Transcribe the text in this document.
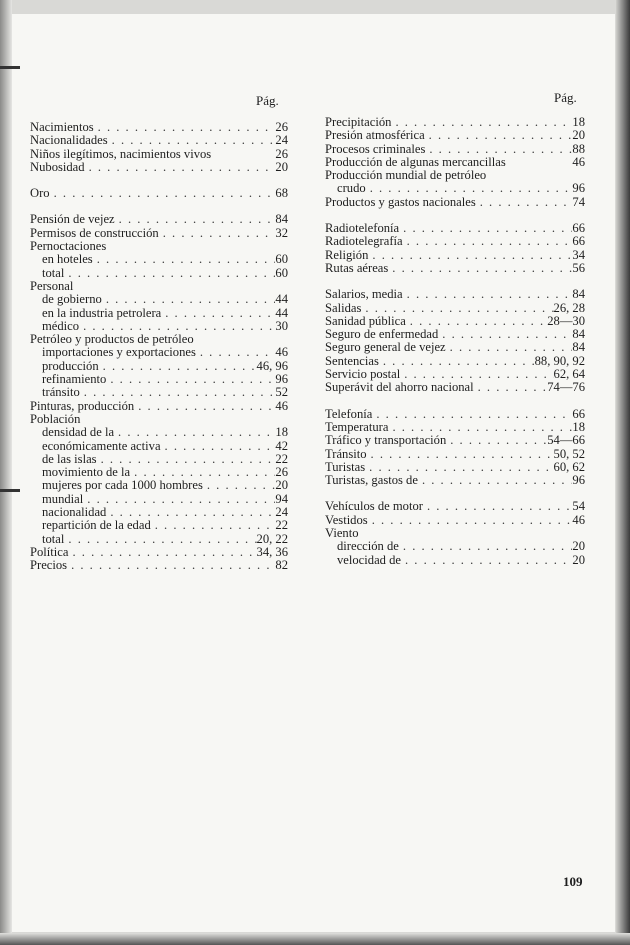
Pág.	Pág.
Nacimientos . . .	26
Nacionalidades . . .	24
Niños ilegítimos, nacimientos vivos	26
Nubosidad . . .	20
Oro . . .	68
Pensión de vejez . . .	84
Permisos de construcción . . .	32
Pernoctaciones
en hoteles . . .	60
total . . .	60
Personal
de gobierno . . .	44
en la industria petrolera . . .	44
médico . . .	30
Petróleo y productos de petróleo
importaciones y exportaciones . . .	46
producción . . .	46, 96
refinamiento . . .	96
tránsito . . .	52
Pinturas, producción . . .	46
Población
densidad de la . . .	18
económicamente activa . . .	42
de las islas . . .	22
movimiento de la . . .	26
mujeres por cada 1000 hombres . . .	20
mundial . . .	94
nacionalidad . . .	24
repartición de la edad . . .	22
total . . .	20, 22
Política . . .	34, 36
Precios . . .	82
Precipitación . . .	18
Presión atmosférica . . .	20
Procesos criminales . . .	88
Producción de algunas mercancillas	46
Producción mundial de petróleo
crudo . . .	96
Productos y gastos nacionales . . .	74
Radiotelefonía . . .	66
Radiotelegrafía . . .	66
Religión . . .	34
Rutas aéreas . . .	56
Salarios, media . . .	84
Salidas . . .	26, 28
Sanidad pública . . .	28—30
Seguro de enfermedad . . .	84
Seguro general de vejez . . .	84
Sentencias . . .	88, 90, 92
Servicio postal . . .	62, 64
Superávit del ahorro nacional . . .	74—76
Telefonía . . .	66
Temperatura . . .	18
Tráfico y transportación . . .	54—66
Tránsito . . .	50, 52
Turistas . . .	60, 62
Turistas, gastos de . . .	96
Vehículos de motor . . .	54
Vestidos . . .	46
Viento
dirección de . . .	20
velocidad de . . .	20
109
